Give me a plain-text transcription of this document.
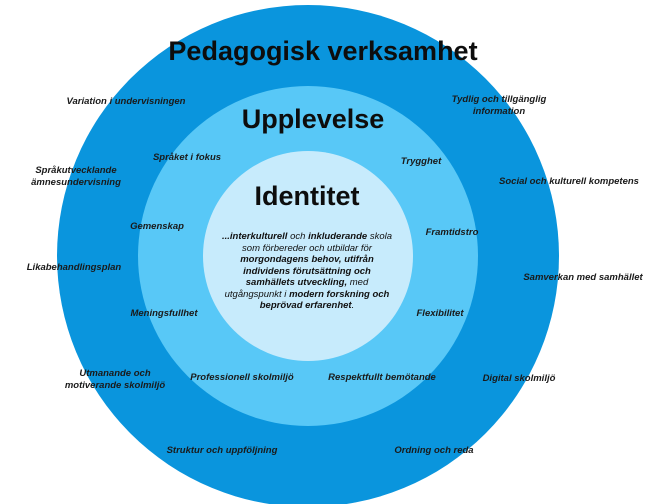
Pedagogisk verksamhet
Upplevelse
Identitet
...interkulturell och inkluderande skola som förbereder och utbildar för morgondagens behov, utifrån individens förutsättning och samhällets utveckling, med utgångspunkt i modern forskning och beprövad erfarenhet.
Variation i undervisningen
Språkutvecklande
ämnesundervisning
Likabehandlingsplan
Utmanande och
motiverande skolmiljö
Struktur och uppföljning	Ordning och reda
Digital skolmiljö
Samverkan med samhället
Social och kulturell kompetens
Tydlig och tillgänglig
information
Språket i fokus
Gemenskap
Meningsfullhet
Professionell skolmiljö	Respektfullt bemötande
Flexibilitet
Framtidstro
Trygghet
